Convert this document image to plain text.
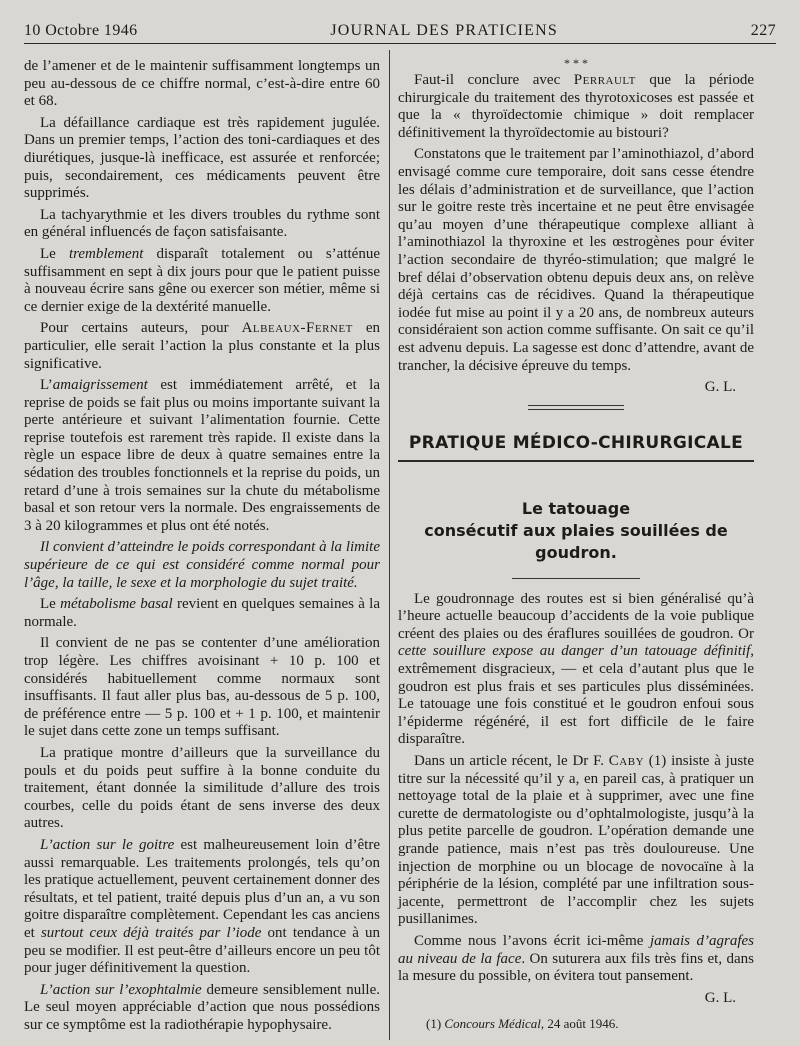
10 Octobre 1946	JOURNAL DES PRATICIENS	227

de l’amener et de le maintenir suffisamment longtemps un peu au-dessous de ce chiffre normal, c’est-à-dire entre 60 et 68.

La défaillance cardiaque est très rapidement jugulée. Dans un premier temps, l’action des toni-cardiaques et des diurétiques, jusque-là inefficace, est assurée et renforcée; puis, secondairement, ces médicaments peuvent être supprimés.

La tachyarythmie et les divers troubles du rythme sont en général influencés de façon satisfaisante.

Le tremblement disparaît totalement ou s’atténue suffisamment en sept à dix jours pour que le patient puisse à nouveau écrire sans gêne ou exercer son métier, même si ce dernier exige de la dextérité manuelle.

Pour certains auteurs, pour Albeaux-Fernet en particulier, elle serait l’action la plus constante et la plus significative.

L’amaigrissement est immédiatement arrêté, et la reprise de poids se fait plus ou moins importante suivant la perte antérieure et suivant l’alimentation fournie. Cette reprise toutefois est rarement très rapide. Il existe dans la règle un espace libre de deux à quatre semaines entre la sédation des troubles fonctionnels et la reprise du poids, un retard d’une à trois semaines sur la chute du métabolisme basal et son retour vers la normale. Des engraissements de 3 à 20 kilogrammes et plus ont été notés.

Il convient d’atteindre le poids correspondant à la limite supérieure de ce qui est considéré comme normal pour l’âge, la taille, le sexe et la morphologie du sujet traité.

Le métabolisme basal revient en quelques semaines à la normale.

Il convient de ne pas se contenter d’une amélioration trop légère. Les chiffres avoisinant + 10 p. 100 et considérés habituellement comme normaux sont insuffisants. Il faut aller plus bas, au-dessous de 5 p. 100, de préférence entre — 5 p. 100 et + 1 p. 100, et maintenir le sujet dans cette zone un temps suffisant.

La pratique montre d’ailleurs que la surveillance du pouls et du poids peut suffire à la bonne conduite du traitement, étant donnée la similitude d’allure des trois courbes, celle du poids étant de sens inverse des deux autres.

L’action sur le goitre est malheureusement loin d’être aussi remarquable. Les traitements prolongés, tels qu’on les pratique actuellement, peuvent certainement donner des résultats, et tel patient, traité depuis plus d’un an, a vu son goitre disparaître complètement. Cependant les cas anciens et surtout ceux déjà traités par l’iode ont tendance à un peu se modifier. Il est peut-être d’ailleurs encore un peu tôt pour juger définitivement la question.

L’action sur l’exophtalmie demeure sensiblement nulle. Le seul moyen appréciable d’action que nous possédions sur ce symptôme est la radiothérapie hypophysaire.

* * *

Faut-il conclure avec Perrault que la période chirurgicale du traitement des thyrotoxicoses est passée et que la « thyroïdectomie chimique » doit remplacer définitivement la thyroïdectomie au bistouri?

Constatons que le traitement par l’aminothiazol, d’abord envisagé comme cure temporaire, doit sans cesse étendre les délais d’administration et de surveillance, que l’action sur le goitre reste très incertaine et ne peut être envisagée qu’au moyen d’une thérapeutique complexe alliant à l’aminothiazol la thyroxine et les œstrogènes pour éviter l’action secondaire de thyréo-stimulation; que malgré le bref délai d’observation obtenu depuis deux ans, on relève déjà certains cas de récidives. Quand la thérapeutique iodée fut mise au point il y a 20 ans, de nombreux auteurs considéraient son action comme suffisante. On sait ce qu’il est advenu depuis. La sagesse est donc d’attendre, avant de trancher, la décisive épreuve du temps.

G. L.
PRATIQUE MÉDICO-CHIRURGICALE
Le tatouage
consécutif aux plaies souillées de goudron.

Le goudronnage des routes est si bien généralisé qu’à l’heure actuelle beaucoup d’accidents de la voie publique créent des plaies ou des éraflures souillées de goudron. Or cette souillure expose au danger d’un tatouage définitif, extrêmement disgracieux, — et cela d’autant plus que le goudron est plus frais et ses particules plus disséminées. Le tatouage une fois constitué et le goudron enfoui sous l’épiderme régénéré, il est fort difficile de le faire disparaître.

Dans un article récent, le Dr F. Caby (1) insiste à juste titre sur la nécessité qu’il y a, en pareil cas, à pratiquer un nettoyage total de la plaie et à supprimer, avec une fine curette de dermatologiste ou d’ophtalmologiste, jusqu’à la plus petite parcelle de goudron. L’opération demande une grande patience, mais n’est pas très douloureuse. Une injection de morphine ou un blocage de novocaïne à la périphérie de la lésion, complété par une infiltration sous-jacente, permettront de l’accomplir chez les sujets pusillanimes.

Comme nous l’avons écrit ici-même jamais d’agrafes au niveau de la face. On suturera aux fils très fins et, dans la mesure du possible, on évitera tout pansement.

G. L.

(1) Concours Médical, 24 août 1946.
